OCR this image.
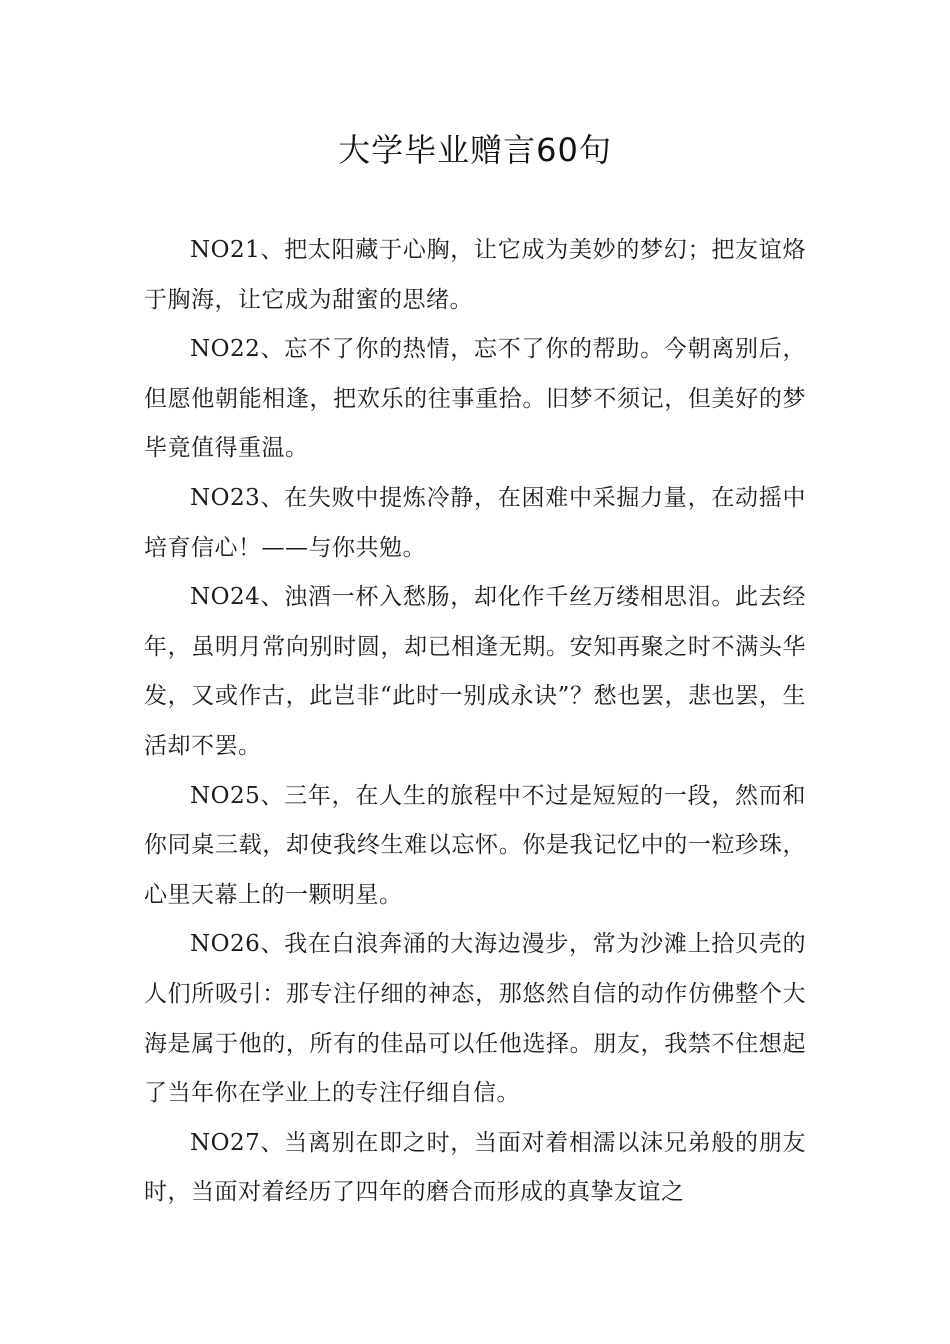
大学毕业赠言60句

NO21、把太阳藏于心胸，让它成为美妙的梦幻；把友谊烙于胸海，让它成为甜蜜的思绪。

NO22、忘不了你的热情，忘不了你的帮助。今朝离别后，但愿他朝能相逢，把欢乐的往事重拾。旧梦不须记，但美好的梦毕竟值得重温。

NO23、在失败中提炼冷静，在困难中采掘力量，在动摇中培育信心！——与你共勉。

NO24、浊酒一杯入愁肠，却化作千丝万缕相思泪。此去经年，虽明月常向别时圆，却已相逢无期。安知再聚之时不满头华发，又或作古，此岂非“此时一别成永诀”？愁也罢，悲也罢，生活却不罢。

NO25、三年，在人生的旅程中不过是短短的一段，然而和你同桌三载，却使我终生难以忘怀。你是我记忆中的一粒珍珠，心里天幕上的一颗明星。

NO26、我在白浪奔涌的大海边漫步，常为沙滩上拾贝壳的人们所吸引：那专注仔细的神态，那悠然自信的动作仿佛整个大海是属于他的，所有的佳品可以任他选择。朋友，我禁不住想起了当年你在学业上的专注仔细自信。

NO27、当离别在即之时，当面对着相濡以沫兄弟般的朋友时，当面对着经历了四年的磨合而形成的真挚友谊之
